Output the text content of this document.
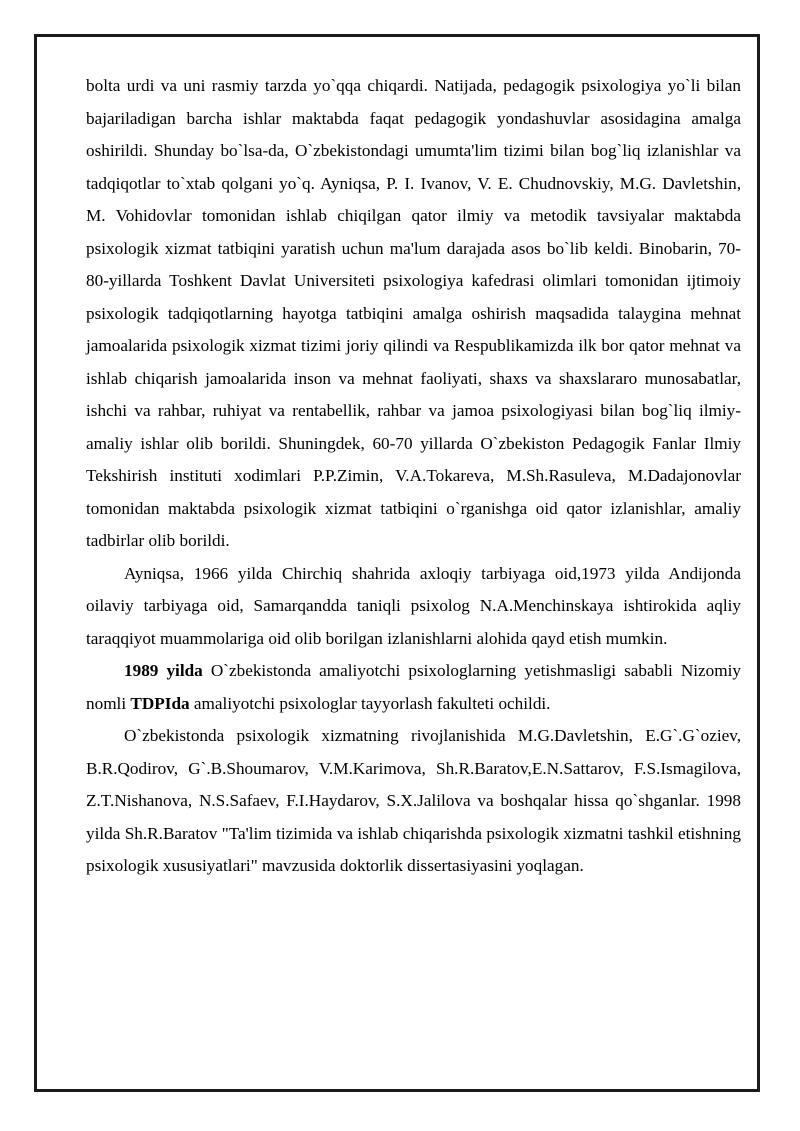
bolta urdi va uni rasmiy tarzda yo`qqa chiqardi. Natijada, pedagogik psixologiya yo`li bilan bajariladigan barcha ishlar maktabda faqat pedagogik yondashuvlar asosidagina amalga oshirildi. Shunday bo`lsa-da, O`zbekistondagi umumta'lim tizimi bilan bog`liq izlanishlar va tadqiqotlar to`xtab qolgani yo`q. Ayniqsa, P. I. Ivanov, V. E. Chudnovskiy, M.G. Davletshin, M. Vohidovlar tomonidan ishlab chiqilgan qator ilmiy va metodik tavsiyalar maktabda psixologik xizmat tatbiqini yaratish uchun ma'lum darajada asos bo`lib keldi. Binobarin, 70-80-yillarda Toshkent Davlat Universiteti psixologiya kafedrasi olimlari tomonidan ijtimoiy psixologik tadqiqotlarning hayotga tatbiqini amalga oshirish maqsadida talaygina mehnat jamoalarida psixologik xizmat tizimi joriy qilindi va Respublikamizda ilk bor qator mehnat va ishlab chiqarish jamoalarida inson va mehnat faoliyati, shaxs va shaxslararo munosabatlar, ishchi va rahbar, ruhiyat va rentabellik, rahbar va jamoa psixologiyasi bilan bog`liq ilmiy-amaliy ishlar olib borildi. Shuningdek, 60-70 yillarda O`zbekiston Pedagogik Fanlar Ilmiy Tekshirish instituti xodimlari P.P.Zimin, V.A.Tokareva, M.Sh.Rasuleva, M.Dadajonovlar tomonidan maktabda psixologik xizmat tatbiqini o`rganishga oid qator izlanishlar, amaliy tadbirlar olib borildi.

Ayniqsa, 1966 yilda Chirchiq shahrida axloqiy tarbiyaga oid,1973 yilda Andijonda oilaviy tarbiyaga oid, Samarqandda taniqli psixolog N.A.Menchinskaya ishtirokida aqliy taraqqiyot muammolariga oid olib borilgan izlanishlarni alohida qayd etish mumkin.

1989 yilda O`zbekistonda amaliyotchi psixologlarning yetishmasligi sababli Nizomiy nomli TDPIda amaliyotchi psixologlar tayyorlash fakulteti ochildi.

O`zbekistonda psixologik xizmatning rivojlanishida M.G.Davletshin, E.G`.G`oziev, B.R.Qodirov, G`.B.Shoumarov, V.M.Karimova, Sh.R.Baratov,E.N.Sattarov, F.S.Ismagilova, Z.T.Nishanova, N.S.Safaev, F.I.Haydarov, S.X.Jalilova va boshqalar hissa qo`shganlar. 1998 yilda Sh.R.Baratov "Ta'lim tizimida va ishlab chiqarishda psixologik xizmatni tashkil etishning psixologik xususiyatlari" mavzusida doktorlik dissertasiyasini yoqlagan.
